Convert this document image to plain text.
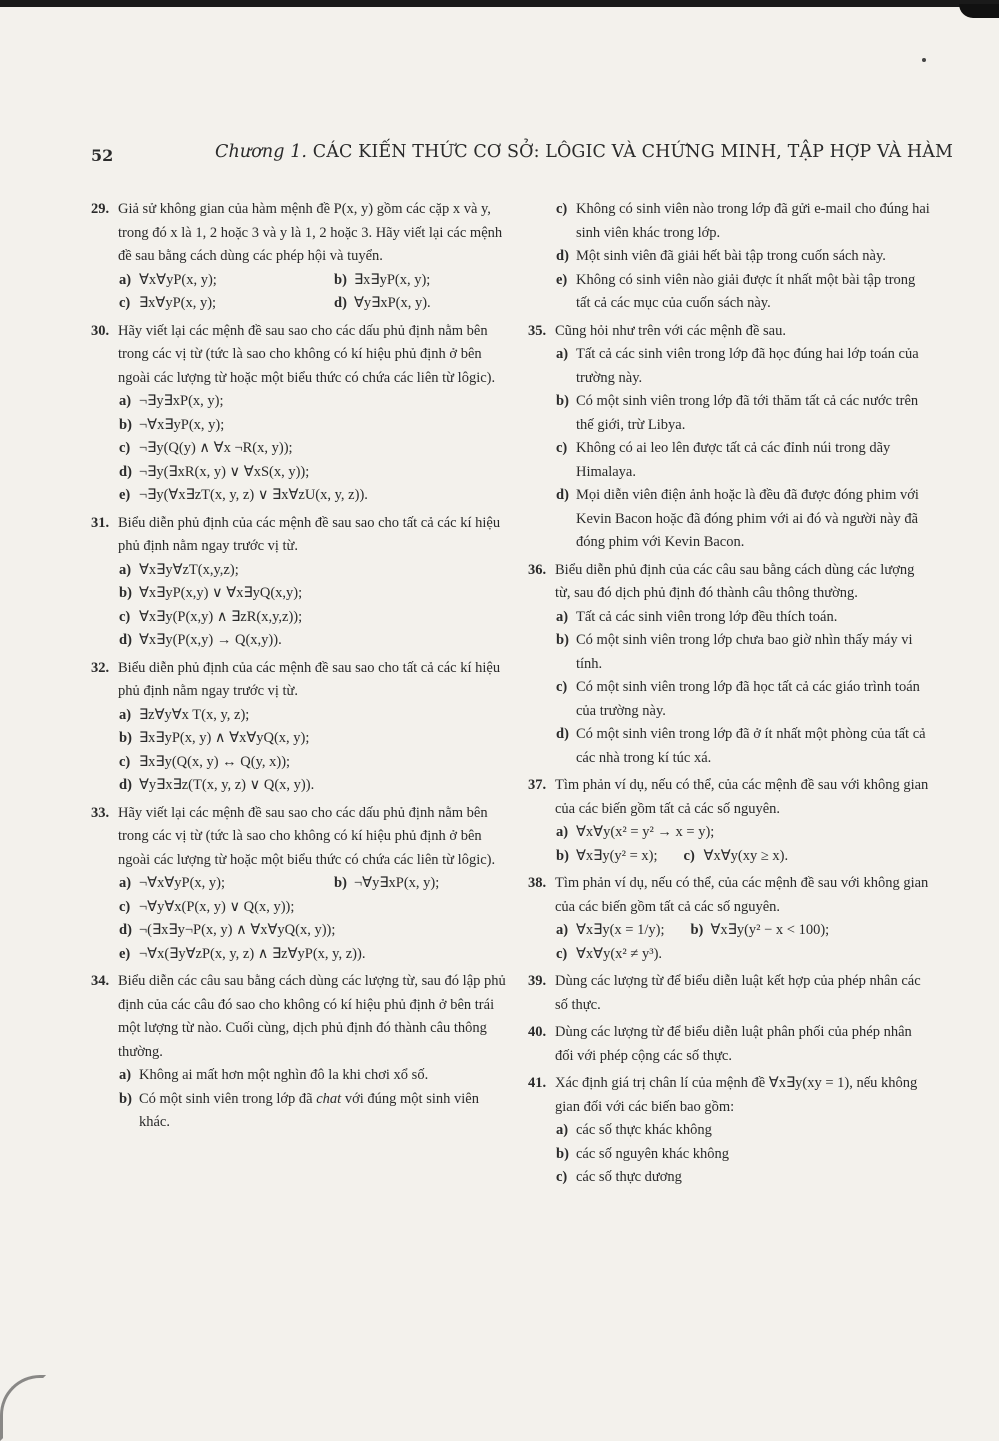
52	Chương 1. CÁC KIẾN THỨC CƠ SỞ: LÔGIC VÀ CHỨNG MINH, TẬP HỢP VÀ HÀM

29. Giả sử không gian của hàm mệnh đề P(x, y) gồm các cặp x và y, trong đó x là 1, 2 hoặc 3 và y là 1, 2 hoặc 3. Hãy viết lại các mệnh đề sau bằng cách dùng các phép hội và tuyển.

a) ∀x∀yP(x, y);	b) ∃x∃yP(x, y);
c) ∃x∀yP(x, y);	d) ∀y∃xP(x, y).

30. Hãy viết lại các mệnh đề sau sao cho các dấu phủ định nằm bên trong các vị từ (tức là sao cho không có kí hiệu phủ định ở bên ngoài các lượng từ hoặc một biểu thức có chứa các liên từ lôgic).

a) ¬∃y∃xP(x, y);

b) ¬∀x∃yP(x, y);

c) ¬∃y(Q(y) ∧ ∀x ¬R(x, y));

d) ¬∃y(∃xR(x, y) ∨ ∀xS(x, y));

e) ¬∃y(∀x∃zT(x, y, z) ∨ ∃x∀zU(x, y, z)).

31. Biểu diễn phủ định của các mệnh đề sau sao cho tất cả các kí hiệu phủ định nằm ngay trước vị từ.

a) ∀x∃y∀zT(x,y,z);

b) ∀x∃yP(x,y) ∨ ∀x∃yQ(x,y);

c) ∀x∃y(P(x,y) ∧ ∃zR(x,y,z));

d) ∀x∃y(P(x,y) → Q(x,y)).

32. Biểu diễn phủ định của các mệnh đề sau sao cho tất cả các kí hiệu phủ định nằm ngay trước vị từ.

a) ∃z∀y∀x T(x, y, z);

b) ∃x∃yP(x, y) ∧ ∀x∀yQ(x, y);

c) ∃x∃y(Q(x, y) ↔ Q(y, x));

d) ∀y∃x∃z(T(x, y, z) ∨ Q(x, y)).

33. Hãy viết lại các mệnh đề sau sao cho các dấu phủ định nằm bên trong các vị từ (tức là sao cho không có kí hiệu phủ định ở bên ngoài các lượng từ hoặc một biểu thức có chứa các liên từ lôgic).

a) ¬∀x∀yP(x, y);	b) ¬∀y∃xP(x, y);

c) ¬∀y∀x(P(x, y) ∨ Q(x, y));

d) ¬(∃x∃y¬P(x, y) ∧ ∀x∀yQ(x, y));

e) ¬∀x(∃y∀zP(x, y, z) ∧ ∃z∀yP(x, y, z)).

34. Biểu diễn các câu sau bằng cách dùng các lượng từ, sau đó lập phủ định của các câu đó sao cho không có kí hiệu phủ định ở bên trái một lượng từ nào. Cuối cùng, dịch phủ định đó thành câu thông thường.

a) Không ai mất hơn một nghìn đô la khi chơi xổ số.

b) Có một sinh viên trong lớp đã chat với đúng một sinh viên khác.

c) Không có sinh viên nào trong lớp đã gửi e-mail cho đúng hai sinh viên khác trong lớp.

d) Một sinh viên đã giải hết bài tập trong cuốn sách này.

e) Không có sinh viên nào giải được ít nhất một bài tập trong tất cả các mục của cuốn sách này.

35. Cũng hỏi như trên với các mệnh đề sau.

a) Tất cả các sinh viên trong lớp đã học đúng hai lớp toán của trường này.

b) Có một sinh viên trong lớp đã tới thăm tất cả các nước trên thế giới, trừ Libya.

c) Không có ai leo lên được tất cả các đỉnh núi trong dãy Himalaya.

d) Mọi diễn viên điện ảnh hoặc là đều đã được đóng phim với Kevin Bacon hoặc đã đóng phim với ai đó và người này đã đóng phim với Kevin Bacon.

36. Biểu diễn phủ định của các câu sau bằng cách dùng các lượng từ, sau đó dịch phủ định đó thành câu thông thường.

a) Tất cả các sinh viên trong lớp đều thích toán.

b) Có một sinh viên trong lớp chưa bao giờ nhìn thấy máy vi tính.

c) Có một sinh viên trong lớp đã học tất cả các giáo trình toán của trường này.

d) Có một sinh viên trong lớp đã ở ít nhất một phòng của tất cả các nhà trong kí túc xá.

37. Tìm phản ví dụ, nếu có thể, của các mệnh đề sau với không gian của các biến gồm tất cả các số nguyên.

a) ∀x∀y(x² = y² → x = y);

b) ∀x∃y(y² = x); c) ∀x∀y(xy ≥ x).

38. Tìm phản ví dụ, nếu có thể, của các mệnh đề sau với không gian của các biến gồm tất cả các số nguyên.

a) ∀x∃y(x = 1/y); b) ∀x∃y(y² − x < 100);

c) ∀x∀y(x² ≠ y³).

39. Dùng các lượng từ để biểu diễn luật kết hợp của phép nhân các số thực.

40. Dùng các lượng từ để biểu diễn luật phân phối của phép nhân đối với phép cộng các số thực.

41. Xác định giá trị chân lí của mệnh đề ∀x∃y(xy = 1), nếu không gian đối với các biến bao gồm:

a) các số thực khác không

b) các số nguyên khác không

c) các số thực dương
